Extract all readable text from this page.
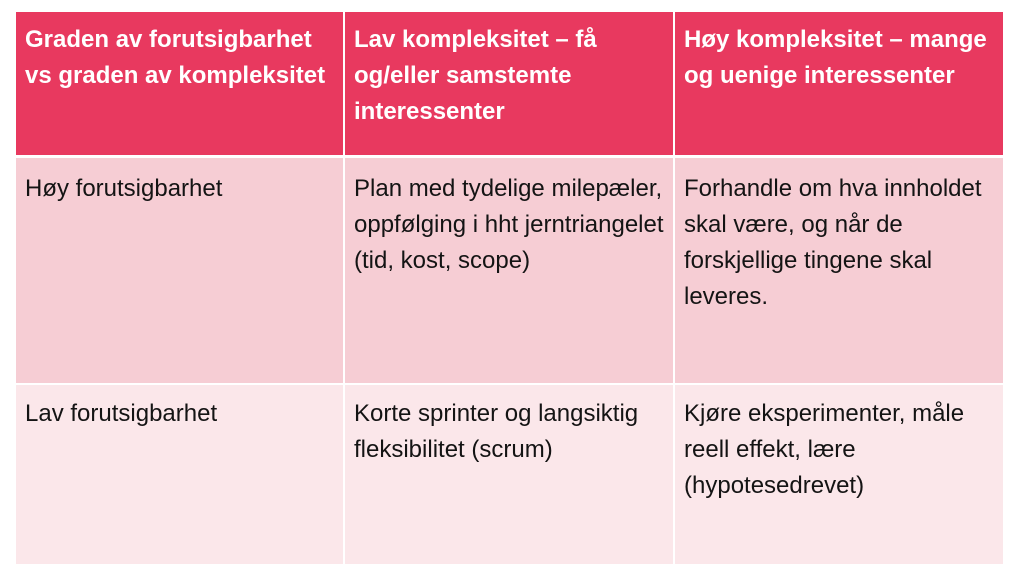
Graden av forutsigbarhet vs graden av kompleksitet	Lav kompleksitet – få og/eller samstemte interessenter	Høy kompleksitet – mange og uenige interessenter

Høy forutsigbarhet	Plan med tydelige milepæler, oppfølging i hht jerntriangelet (tid, kost, scope)	Forhandle om hva innholdet skal være, og når de forskjellige tingene skal leveres.

Lav forutsigbarhet	Korte sprinter og langsiktig fleksibilitet (scrum)	Kjøre eksperimenter, måle reell effekt, lære (hypotesedrevet)
